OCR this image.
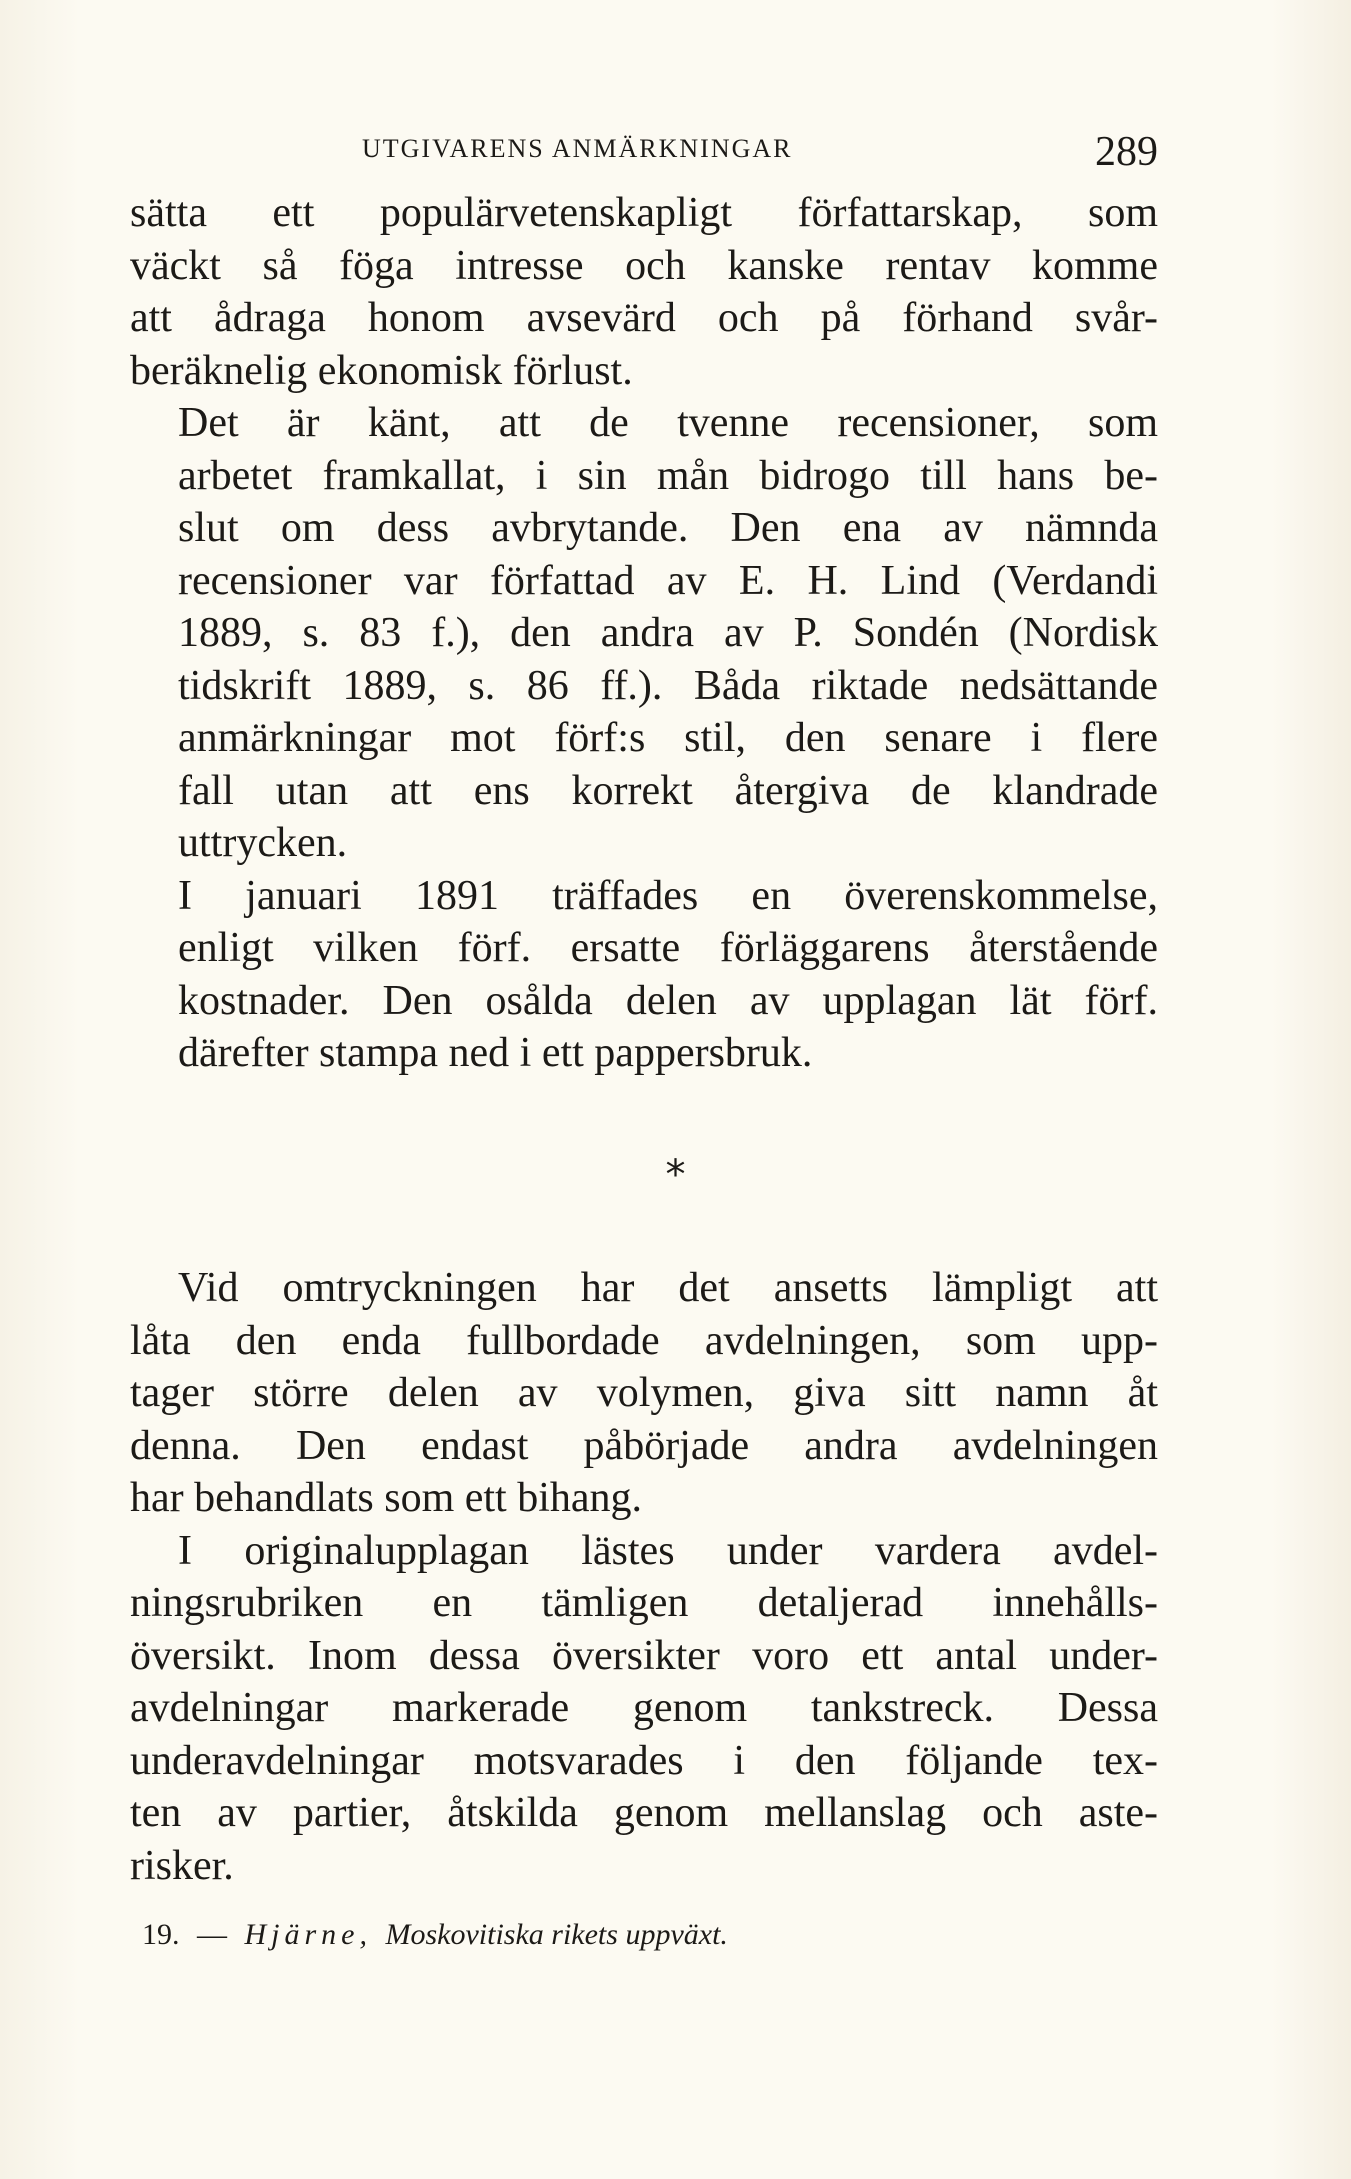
UTGIVARENS ANMÄRKNINGAR	289

sätta ett populärvetenskapligt författarskap, som
väckt så föga intresse och kanske rentav komme
att ådraga honom avsevärd och på förhand svår-
beräknelig ekonomisk förlust.

Det är känt, att de tvenne recensioner, som
arbetet framkallat, i sin mån bidrogo till hans be-
slut om dess avbrytande. Den ena av nämnda
recensioner var författad av E. H. Lind (Verdandi
1889, s. 83 f.), den andra av P. Sondén (Nordisk
tidskrift 1889, s. 86 ff.). Båda riktade nedsättande
anmärkningar mot förf:s stil, den senare i flere
fall utan att ens korrekt återgiva de klandrade
uttrycken.

I januari 1891 träffades en överenskommelse,
enligt vilken förf. ersatte förläggarens återstående
kostnader. Den osålda delen av upplagan lät förf.
därefter stampa ned i ett pappersbruk.

*

Vid omtryckningen har det ansetts lämpligt att
låta den enda fullbordade avdelningen, som upp-
tager större delen av volymen, giva sitt namn åt
denna. Den endast påbörjade andra avdelningen
har behandlats som ett bihang.

I originalupplagan lästes under vardera avdel-
ningsrubriken en tämligen detaljerad innehålls-
översikt. Inom dessa översikter voro ett antal under-
avdelningar markerade genom tankstreck. Dessa
underavdelningar motsvarades i den följande tex-
ten av partier, åtskilda genom mellanslag och aste-
risker.

19. — Hjärne, Moskovitiska rikets uppväxt.
